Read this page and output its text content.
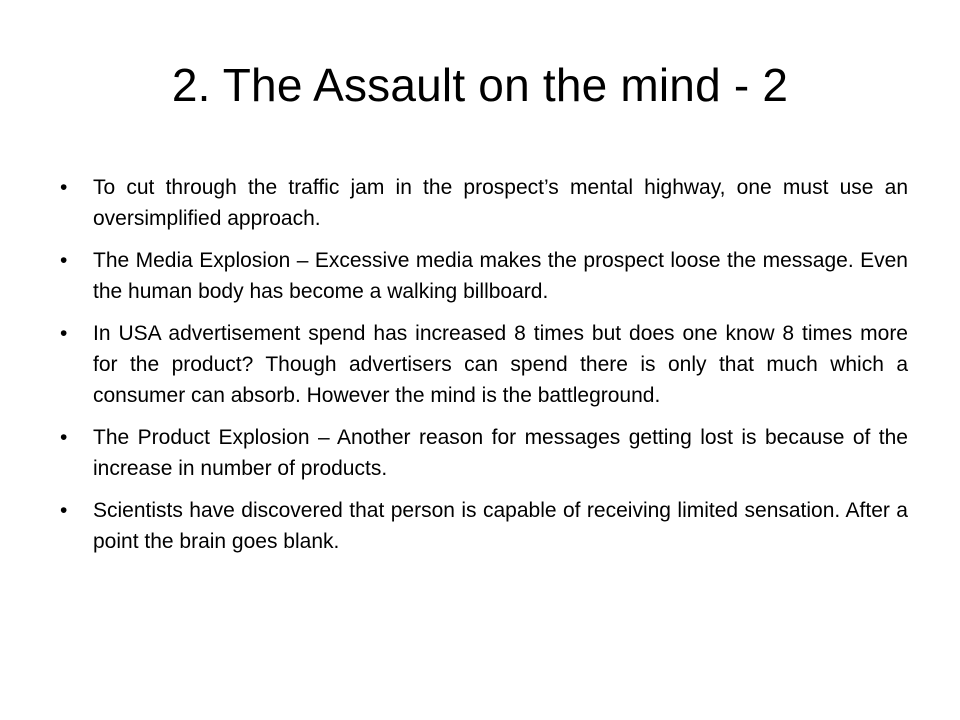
2. The Assault on the mind - 2
• To cut through the traffic jam in the prospect’s mental highway, one must use an oversimplified approach.
• The Media Explosion – Excessive media makes the prospect loose the message. Even the human body has become a walking billboard.
• In USA advertisement spend has increased 8 times but does one know 8 times more for the product? Though advertisers can spend there is only that much which a consumer can absorb. However the mind is the battleground.
• The Product Explosion – Another reason for messages getting lost is because of the increase in number of products.
• Scientists have discovered that person is capable of receiving limited sensation. After a point the brain goes blank.
